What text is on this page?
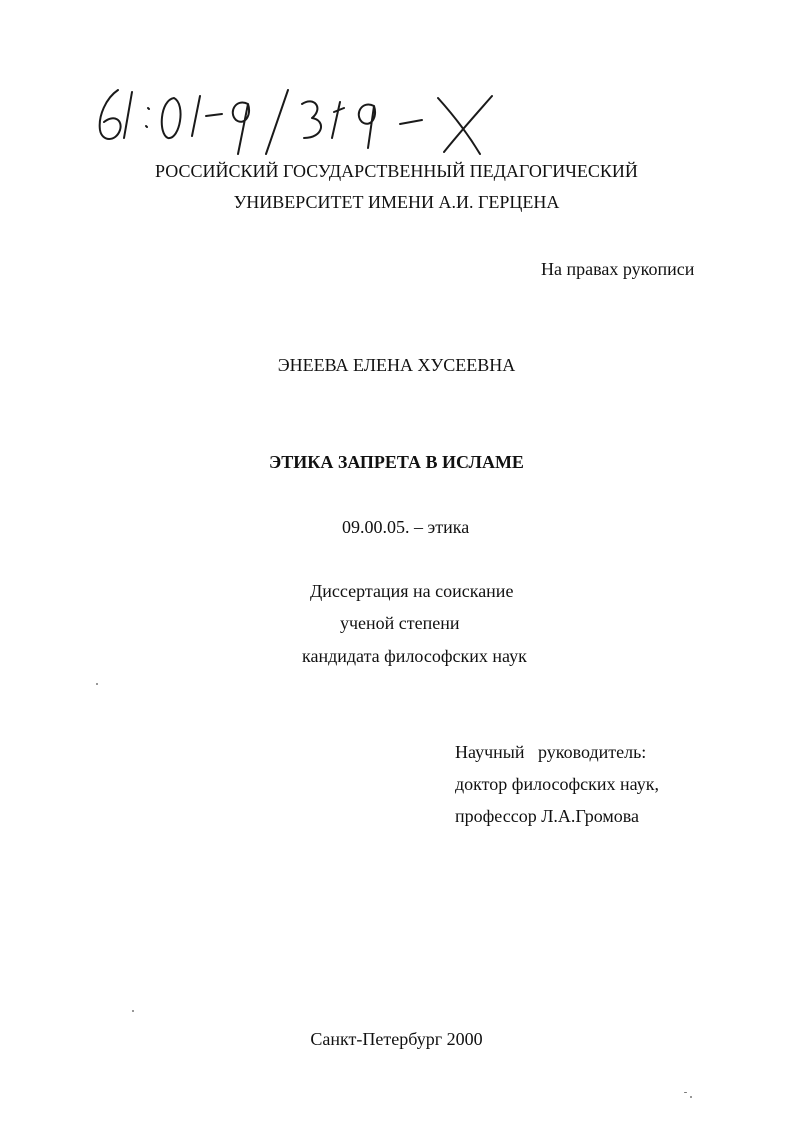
РОССИЙСКИЙ ГОСУДАРСТВЕННЫЙ ПЕДАГОГИЧЕСКИЙ
УНИВЕРСИТЕТ ИМЕНИ А.И. ГЕРЦЕНА
На правах рукописи
ЭНЕЕВА ЕЛЕНА ХУСЕЕВНА
ЭТИКА ЗАПРЕТА В ИСЛАМЕ
09.00.05. – этика
Диссертация на соискание
ученой степени
кандидата философских наук
Научный   руководитель:
доктор философских наук,
профессор Л.А.Громова
Санкт-Петербург 2000
